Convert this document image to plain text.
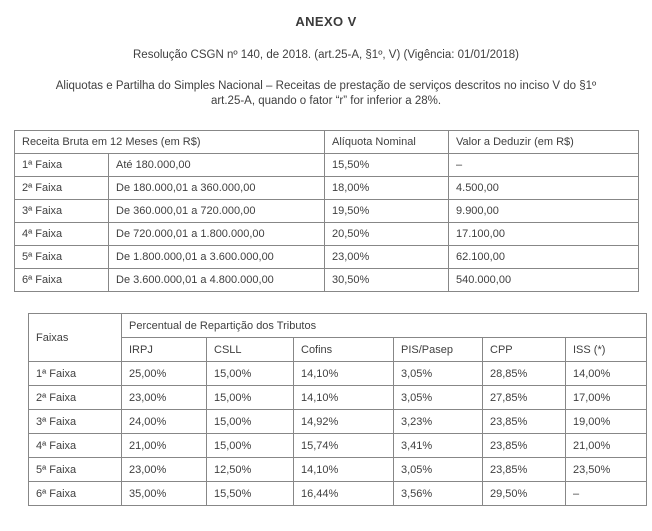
ANEXO V

Resolução CSGN nº 140, de 2018. (art.25-A, §1º, V) (Vigência: 01/01/2018)

Aliquotas e Partilha do Simples Nacional – Receitas de prestação de serviços descritos no inciso V do §1º
art.25-A, quando o fator “r” for inferior a 28%.

Receita Bruta em 12 Meses (em R$)		Alíquota Nominal	Valor a Deduzir (em R$)
1ª Faixa	Até 180.000,00	15,50%	–
2ª Faixa	De 180.000,01 a 360.000,00	18,00%	4.500,00
3ª Faixa	De 360.000,01 a 720.000,00	19,50%	9.900,00
4ª Faixa	De 720.000,01 a 1.800.000,00	20,50%	17.100,00
5ª Faixa	De 1.800.000,01 a 3.600.000,00	23,00%	62.100,00
6ª Faixa	De 3.600.000,01 a 4.800.000,00	30,50%	540.000,00
Faixas	Percentual de Repartição dos Tributos					
	IRPJ	CSLL	Cofins	PIS/Pasep	CPP	ISS (*)
1ª Faixa	25,00%	15,00%	14,10%	3,05%	28,85%	14,00%
2ª Faixa	23,00%	15,00%	14,10%	3,05%	27,85%	17,00%
3ª Faixa	24,00%	15,00%	14,92%	3,23%	23,85%	19,00%
4ª Faixa	21,00%	15,00%	15,74%	3,41%	23,85%	21,00%
5ª Faixa	23,00%	12,50%	14,10%	3,05%	23,85%	23,50%
6ª Faixa	35,00%	15,50%	16,44%	3,56%	29,50%	–
